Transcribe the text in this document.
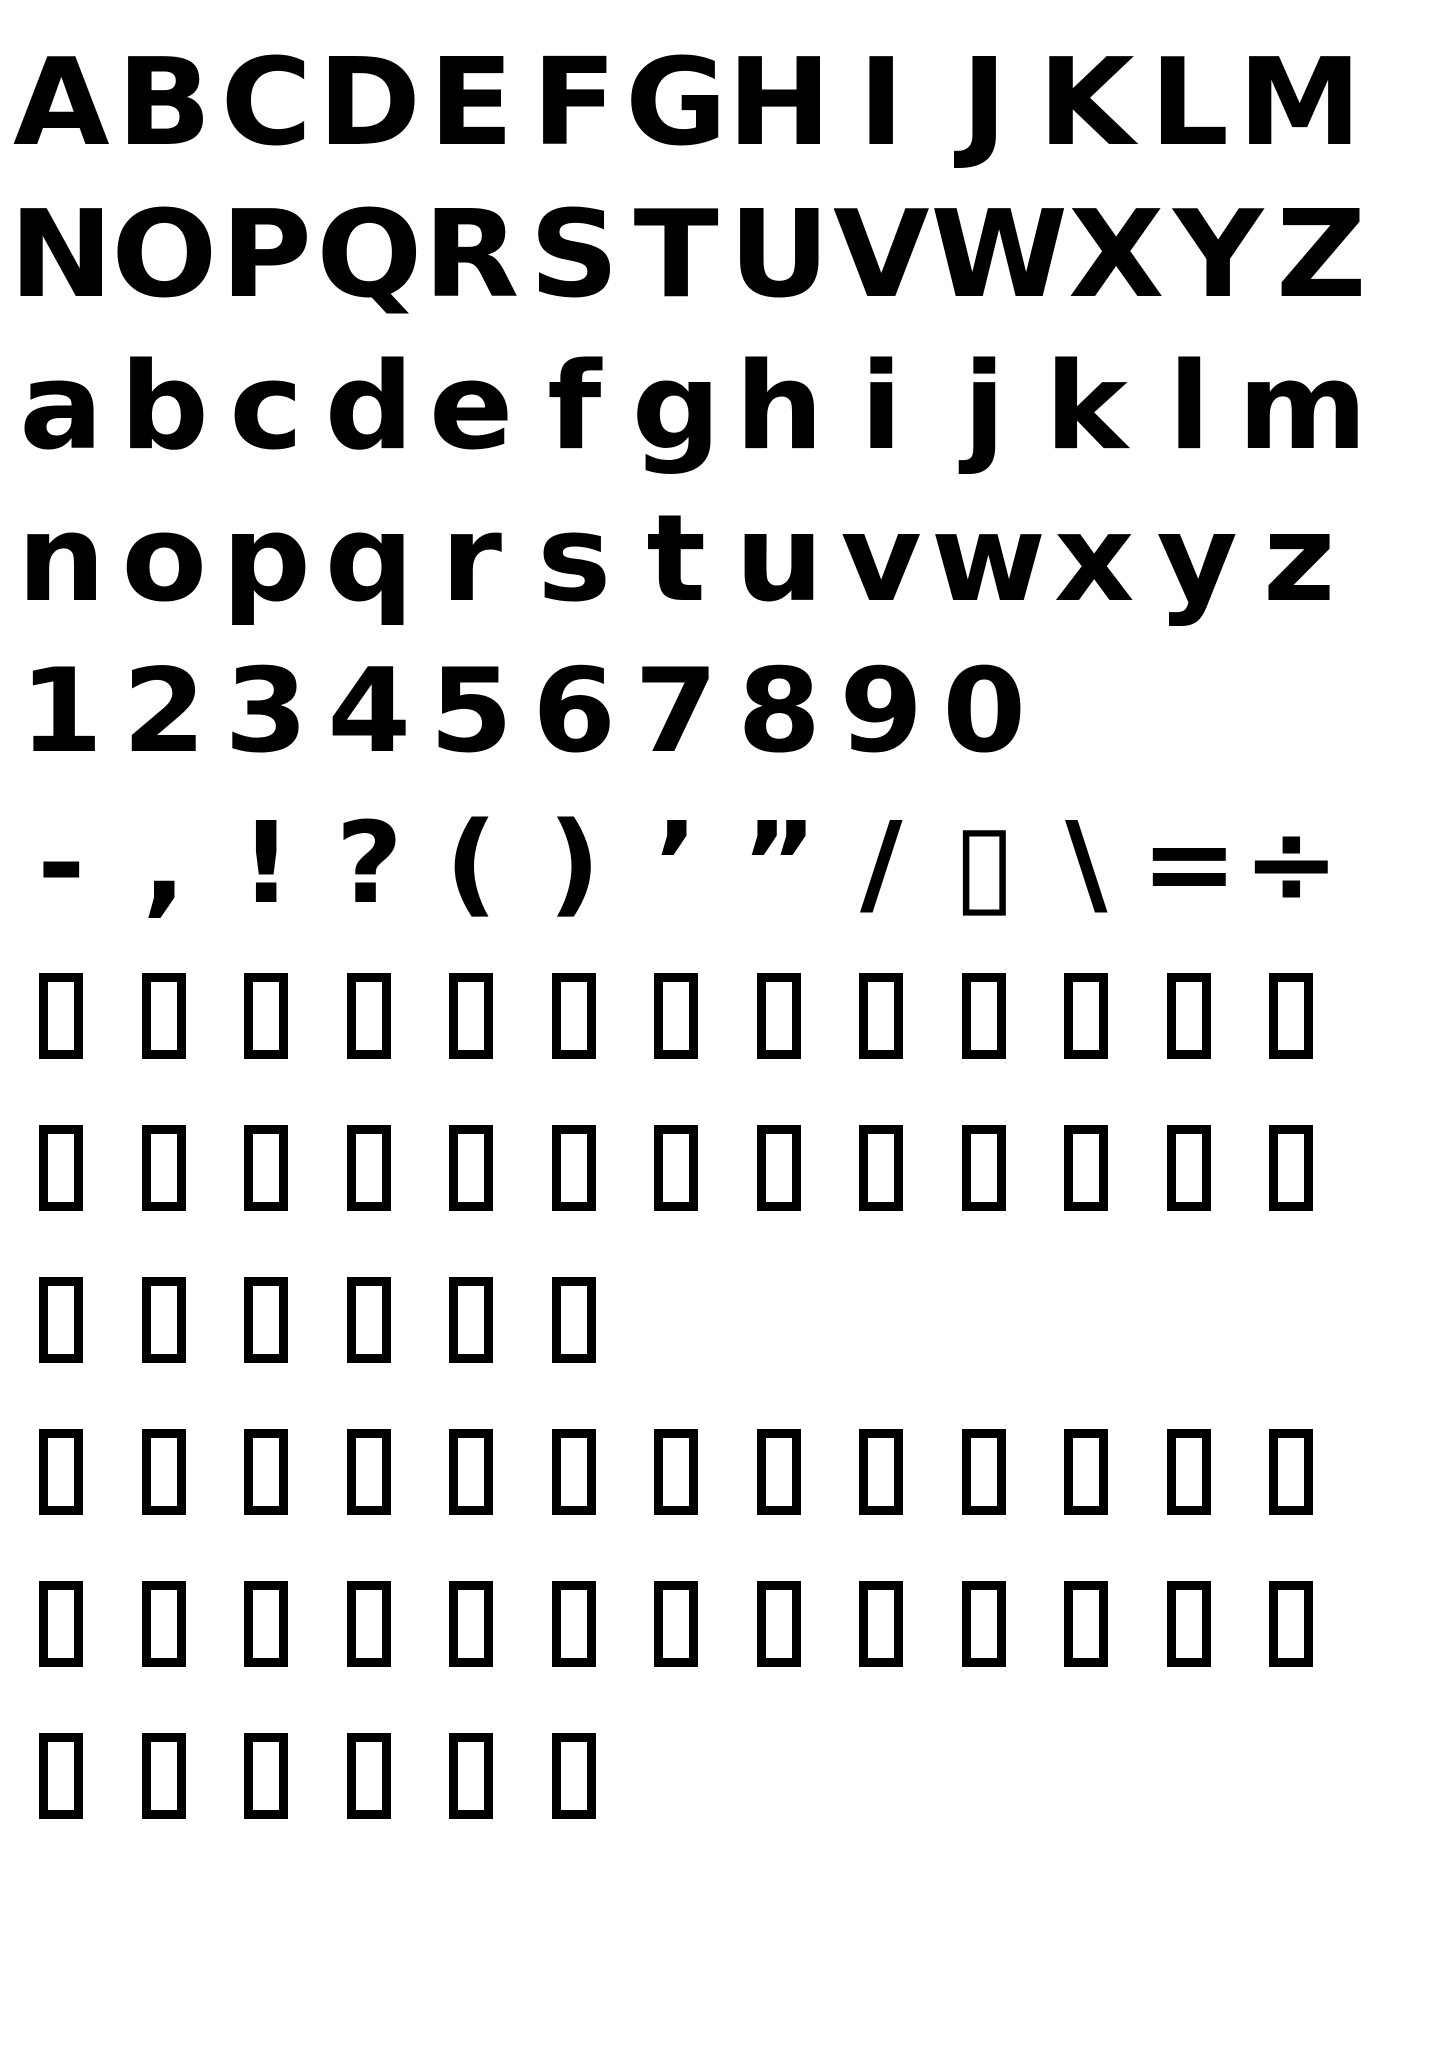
A B C D E F G H I J K L M
N
O P Q R S T U V W X Y Z
a b c d e f g h i j k l m
n o p q r s t u v w x y z
1 2 3 4 5 6 7 8 9 0
- , ! ? ( ) ’ ” / ▯ \ = ÷
